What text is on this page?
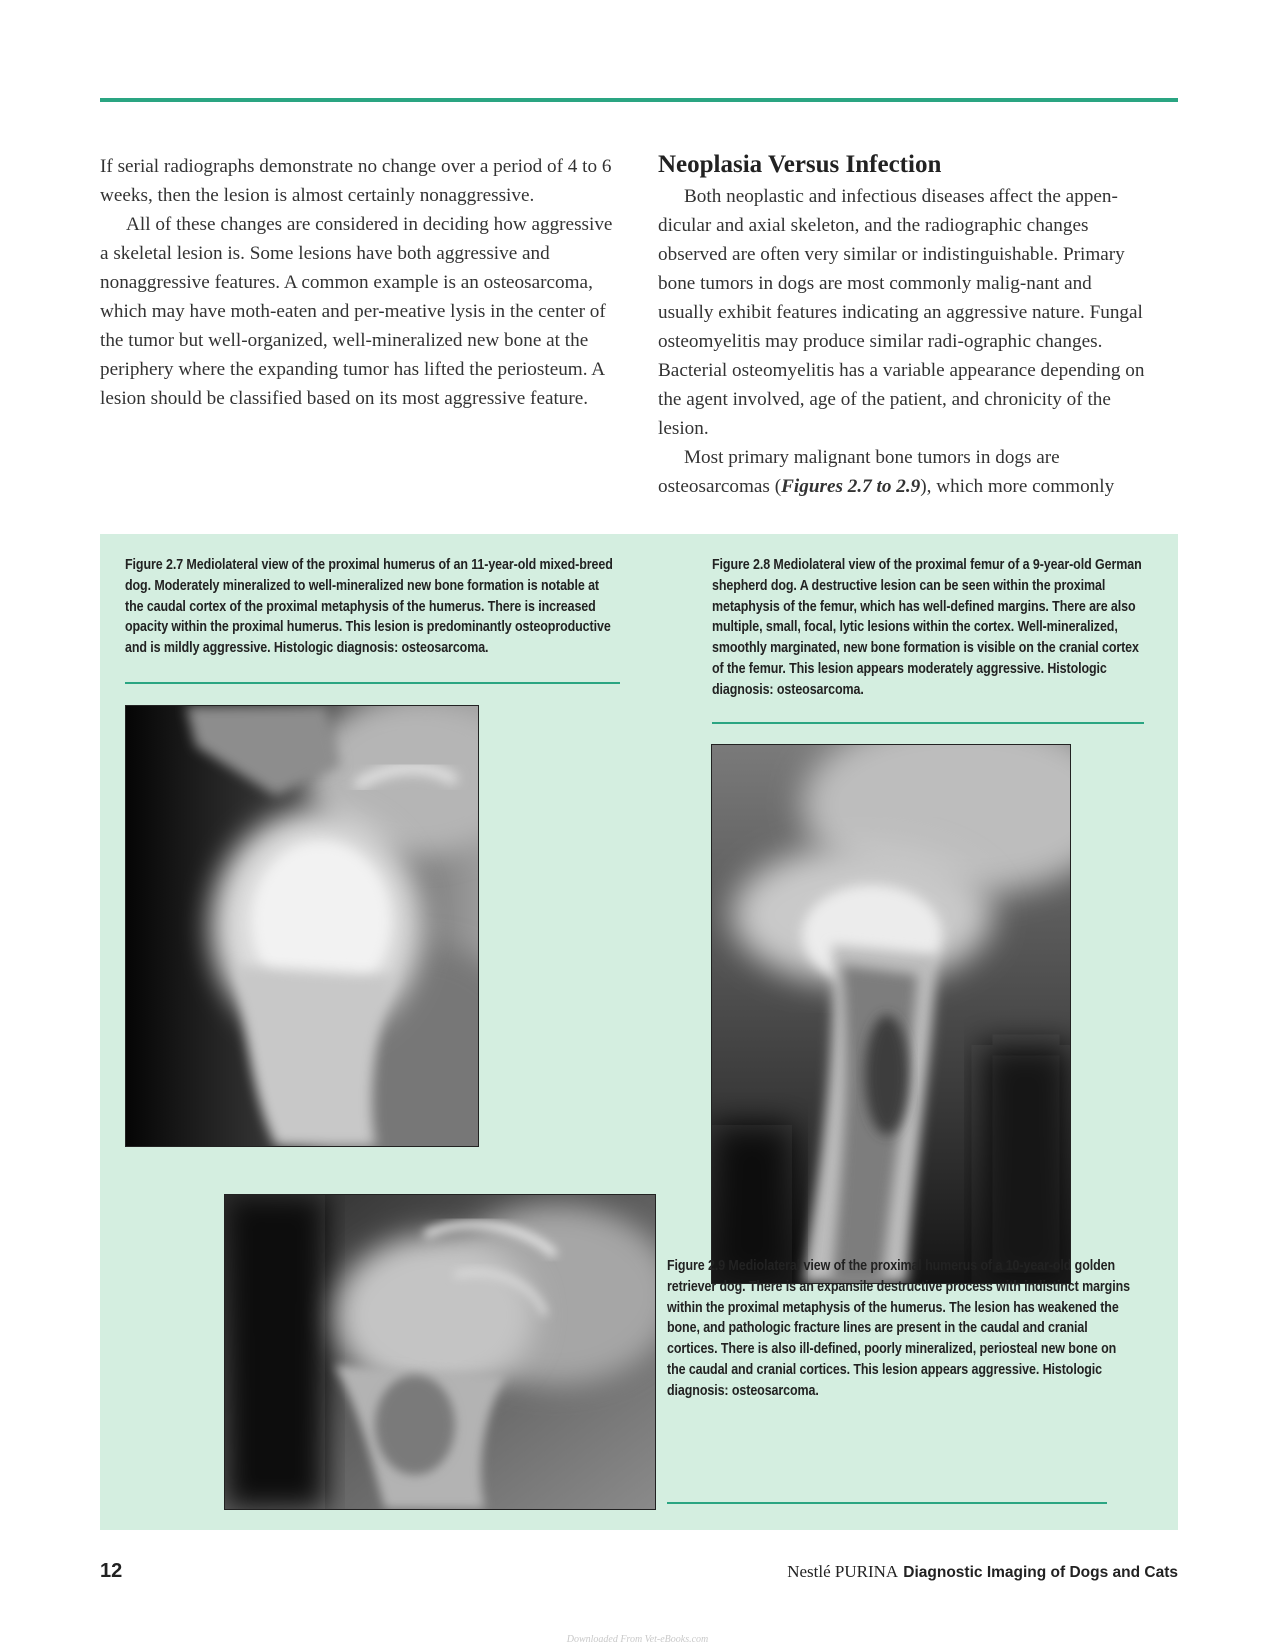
If serial radiographs demonstrate no change over a period of 4 to 6 weeks, then the lesion is almost certainly nonaggressive.

All of these changes are considered in deciding how aggressive a skeletal lesion is. Some lesions have both aggressive and nonaggressive features. A common example is an osteosarcoma, which may have moth-eaten and per-meative lysis in the center of the tumor but well-organized, well-mineralized new bone at the periphery where the expanding tumor has lifted the periosteum. A lesion should be classified based on its most aggressive feature.

Neoplasia Versus Infection

Both neoplastic and infectious diseases affect the appen-dicular and axial skeleton, and the radiographic changes observed are often very similar or indistinguishable. Primary bone tumors in dogs are most commonly malig-nant and usually exhibit features indicating an aggressive nature. Fungal osteomyelitis may produce similar radi-ographic changes. Bacterial osteomyelitis has a variable appearance depending on the agent involved, age of the patient, and chronicity of the lesion.

Most primary malignant bone tumors in dogs are osteosarcomas (Figures 2.7 to 2.9), which more commonly

Figure 2.7 Mediolateral view of the proximal humerus of an 11-year-old mixed-breed dog. Moderately mineralized to well-mineralized new bone formation is notable at the caudal cortex of the proximal metaphysis of the humerus. There is increased opacity within the proximal humerus. This lesion is predominantly osteoproductive and is mildly aggressive. Histologic diagnosis: osteosarcoma.
Figure 2.8 Mediolateral view of the proximal femur of a 9-year-old German shepherd dog. A destructive lesion can be seen within the proximal metaphysis of the femur, which has well-defined margins. There are also multiple, small, focal, lytic lesions within the cortex. Well-mineralized, smoothly marginated, new bone formation is visible on the cranial cortex of the femur. This lesion appears moderately aggressive. Histologic diagnosis: osteosarcoma.
Figure 2.9 Mediolateral view of the proximal humerus of a 10-year-old golden retriever dog. There is an expansile destructive process with indistinct margins within the proximal metaphysis of the humerus. The lesion has weakened the bone, and pathologic fracture lines are present in the caudal and cranial cortices. There is also ill-defined, poorly mineralized, periosteal new bone on the caudal and cranial cortices. This lesion appears aggressive. Histologic diagnosis: osteosarcoma.
12	Nestlé PURINA Diagnostic Imaging of Dogs and Cats
Downloaded From Vet-eBooks.com
